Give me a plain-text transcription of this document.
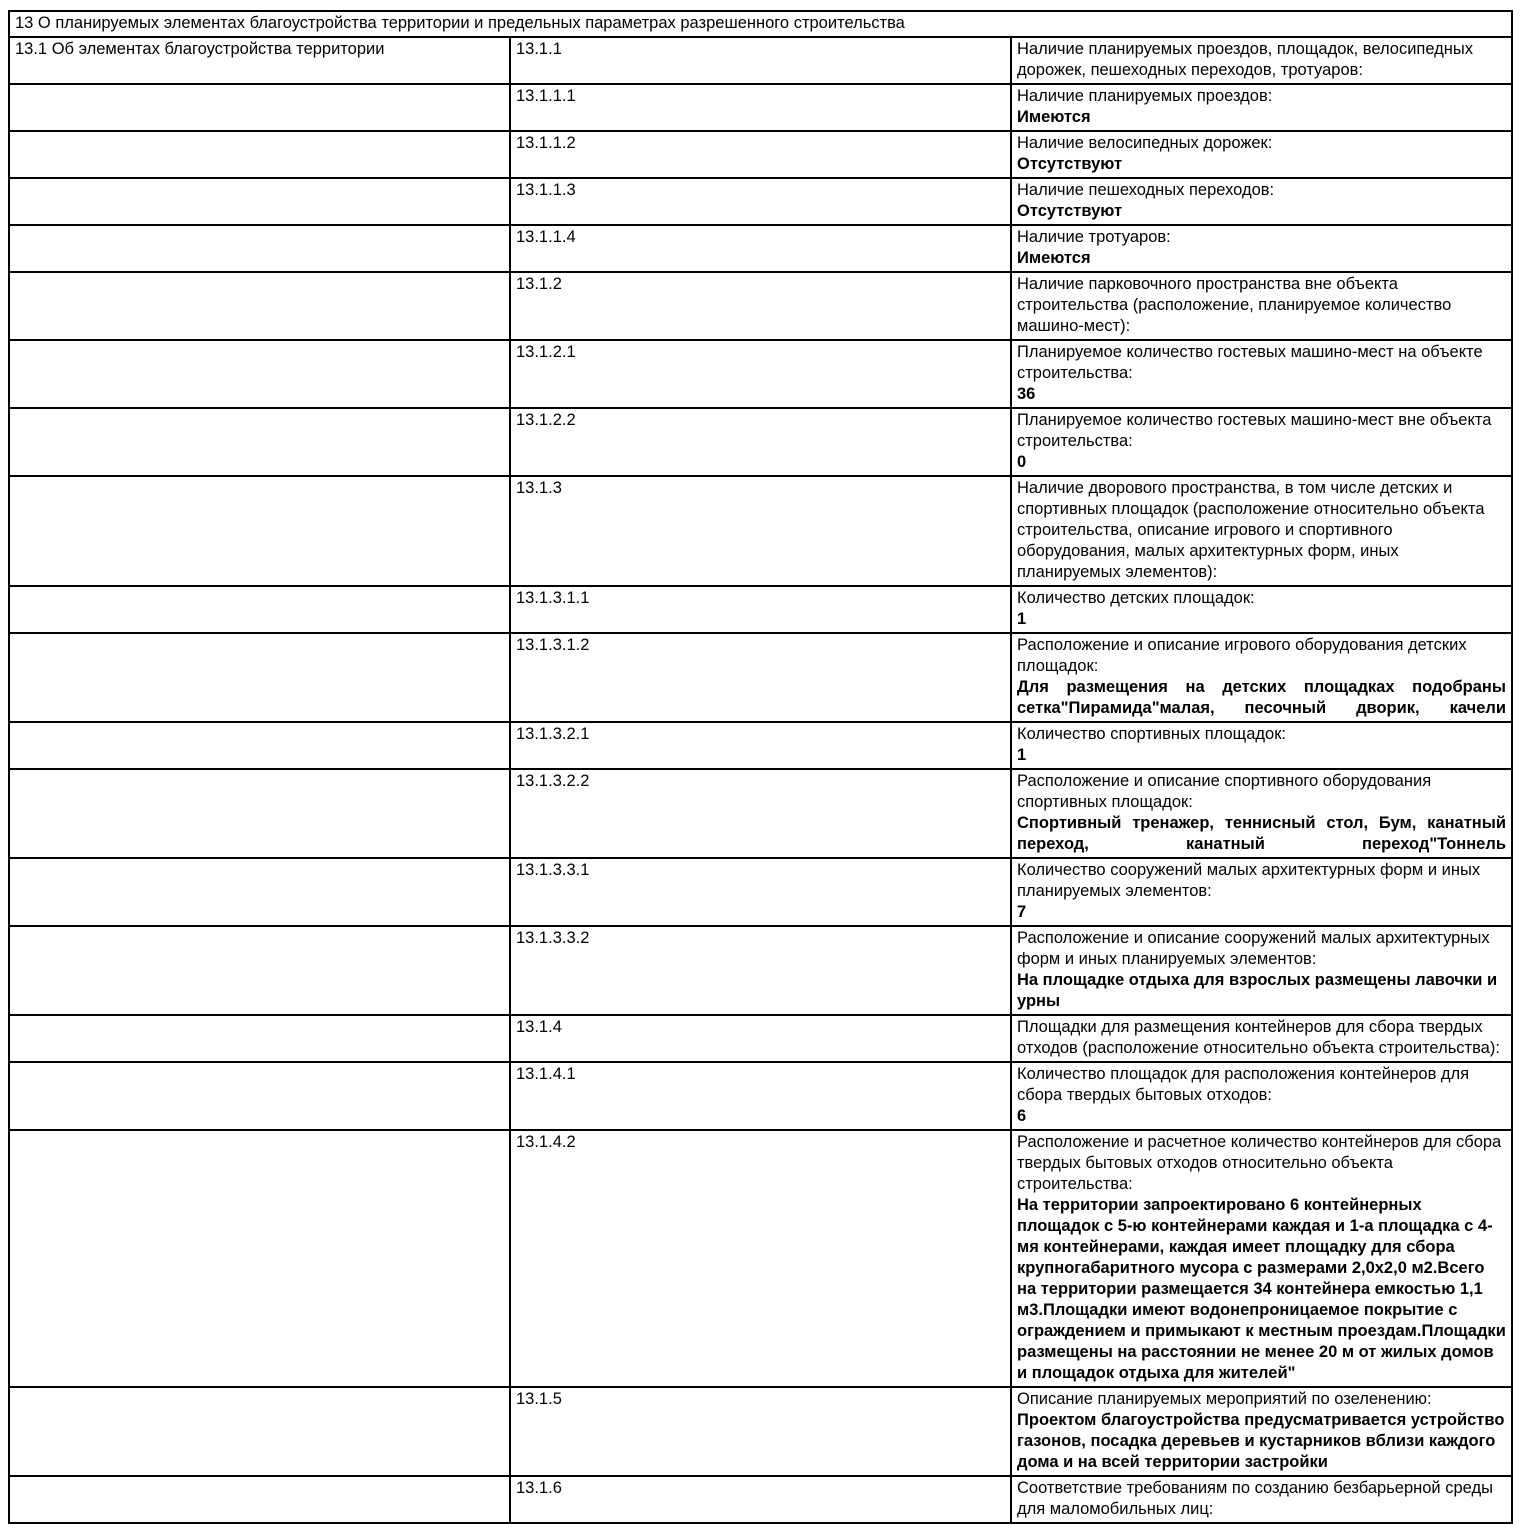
13 О планируемых элементах благоустройства территории и предельных параметрах разрешенного строительства		
13.1 Об элементах благоустройства территории	13.1.1	Наличие планируемых проездов, площадок, велосипедных дорожек, пешеходных переходов, тротуаров:

	13.1.1.1	Наличие планируемых проездов:
Имеются

	13.1.1.2	Наличие велосипедных дорожек:
Отсутствуют

	13.1.1.3	Наличие пешеходных переходов:
Отсутствуют

	13.1.1.4	Наличие тротуаров:
Имеются

	13.1.2	Наличие парковочного пространства вне объекта строительства (расположение, планируемое количество машино-мест):

	13.1.2.1	Планируемое количество гостевых машино-мест на объекте строительства:
36

	13.1.2.2	Планируемое количество гостевых машино-мест вне объекта строительства:
0

	13.1.3	Наличие дворового пространства, в том числе детских и спортивных площадок (расположение относительно объекта строительства, описание игрового и спортивного оборудования, малых архитектурных форм, иных планируемых элементов):

	13.1.3.1.1	Количество детских площадок:
1

	13.1.3.1.2	Расположение и описание игрового оборудования детских площадок:
Для размещения на детских площадках подобраны сетка"Пирамида"малая, песочный дворик, качели

	13.1.3.2.1	Количество спортивных площадок:
1

	13.1.3.2.2	Расположение и описание спортивного оборудования спортивных площадок:
Спортивный тренажер, теннисный стол, Бум, канатный переход, канатный переход"Тоннель

	13.1.3.3.1	Количество сооружений малых архитектурных форм и иных планируемых элементов:
7

	13.1.3.3.2	Расположение и описание сооружений малых архитектурных форм и иных планируемых элементов:
На площадке отдыха для взрослых размещены лавочки и урны

	13.1.4	Площадки для размещения контейнеров для сбора твердых отходов (расположение относительно объекта строительства):

	13.1.4.1	Количество площадок для расположения контейнеров для сбора твердых бытовых отходов:
6

	13.1.4.2	Расположение и расчетное количество контейнеров для сбора твердых бытовых отходов относительно объекта строительства:
На территории запроектировано 6 контейнерных площадок с 5-ю контейнерами каждая и 1-а площадка с 4-мя контейнерами, каждая имеет площадку для сбора крупногабаритного мусора с размерами 2,0х2,0 м2.Всего на территории размещается 34 контейнера емкостью 1,1 м3.Площадки имеют водонепроницаемое покрытие с ограждением и примыкают к местным проездам.Площадки размещены на расстоянии не менее 20 м от жилых домов и площадок отдыха для жителей"

	13.1.5	Описание планируемых мероприятий по озеленению:
Проектом благоустройства предусматривается устройство газонов, посадка деревьев и кустарников вблизи каждого дома и на всей территории застройки

	13.1.6	Соответствие требованиям по созданию безбарьерной среды для маломобильных лиц:
